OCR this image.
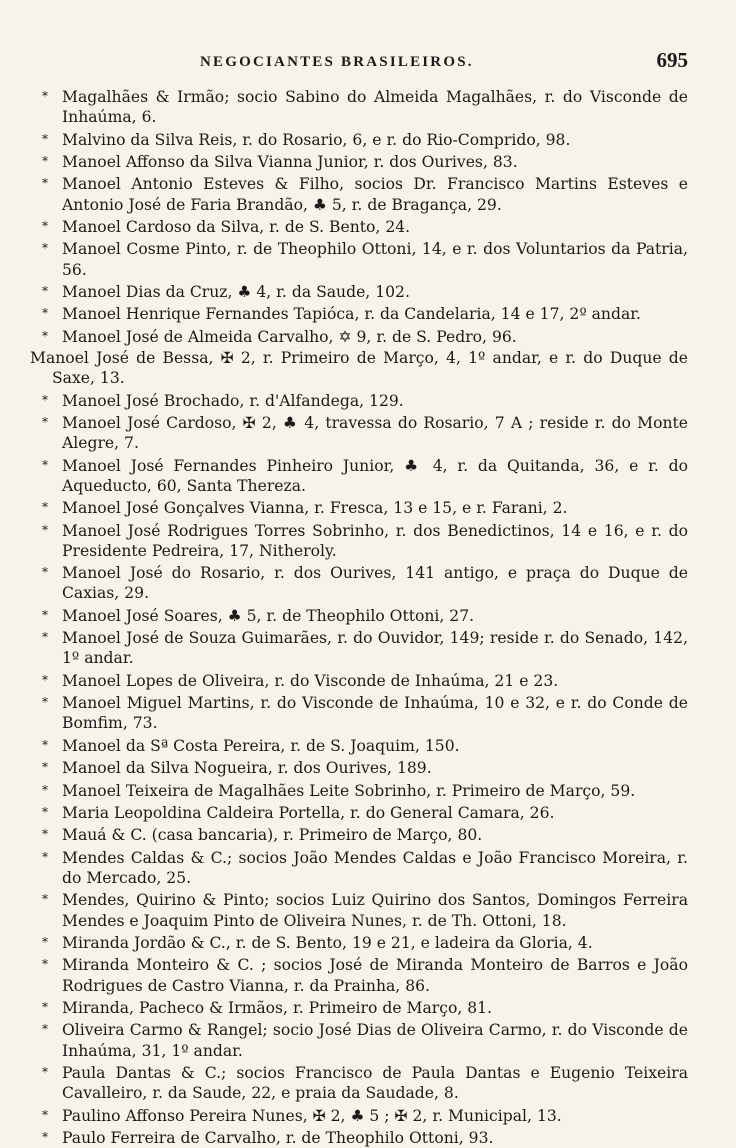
NEGOCIANTES BRASILEIROS.	695
* Magalhães & Irmão; socio Sabino do Almeida Magalhães, r. do Visconde de Inhaúma, 6.
* Malvino da Silva Reis, r. do Rosario, 6, e r. do Rio-Comprido, 98.
* Manoel Affonso da Silva Vianna Junior, r. dos Ourives, 83.
* Manoel Antonio Esteves & Filho, socios Dr. Francisco Martins Esteves e Antonio José de Faria Brandão, ♣ 5, r. de Bragança, 29.
* Manoel Cardoso da Silva, r. de S. Bento, 24.
* Manoel Cosme Pinto, r. de Theophilo Ottoni, 14, e r. dos Voluntarios da Patria, 56.
* Manoel Dias da Cruz, ♣ 4, r. da Saude, 102.
* Manoel Henrique Fernandes Tapióca, r. da Candelaria, 14 e 17, 2º andar.
* Manoel José de Almeida Carvalho, ✡ 9, r. de S. Pedro, 96.
Manoel José de Bessa, ✠ 2, r. Primeiro de Março, 4, 1º andar, e r. do Duque de Saxe, 13.
* Manoel José Brochado, r. d'Alfandega, 129.
* Manoel José Cardoso, ✠ 2, ♣ 4, travessa do Rosario, 7 A ; reside r. do Monte Alegre, 7.
* Manoel José Fernandes Pinheiro Junior, ♣ 4, r. da Quitanda, 36, e r. do Aqueducto, 60, Santa Thereza.
* Manoel José Gonçalves Vianna, r. Fresca, 13 e 15, e r. Farani, 2.
* Manoel José Rodrigues Torres Sobrinho, r. dos Benedictinos, 14 e 16, e r. do Presidente Pedreira, 17, Nitheroly.
* Manoel José do Rosario, r. dos Ourives, 141 antigo, e praça do Duque de Caxias, 29.
* Manoel José Soares, ♣ 5, r. de Theophilo Ottoni, 27.
* Manoel José de Souza Guimarães, r. do Ouvidor, 149; reside r. do Senado, 142, 1º andar.
* Manoel Lopes de Oliveira, r. do Visconde de Inhaúma, 21 e 23.
* Manoel Miguel Martins, r. do Visconde de Inhaúma, 10 e 32, e r. do Conde de Bomfim, 73.
* Manoel da Sª Costa Pereira, r. de S. Joaquim, 150.
* Manoel da Silva Nogueira, r. dos Ourives, 189.
* Manoel Teixeira de Magalhães Leite Sobrinho, r. Primeiro de Março, 59.
* Maria Leopoldina Caldeira Portella, r. do General Camara, 26.
* Mauá & C. (casa bancaria), r. Primeiro de Março, 80.
* Mendes Caldas & C.; socios João Mendes Caldas e João Francisco Moreira, r. do Mercado, 25.
* Mendes, Quirino & Pinto; socios Luiz Quirino dos Santos, Domingos Ferreira Mendes e Joaquim Pinto de Oliveira Nunes, r. de Th. Ottoni, 18.
* Miranda Jordão & C., r. de S. Bento, 19 e 21, e ladeira da Gloria, 4.
* Miranda Monteiro & C. ; socios José de Miranda Monteiro de Barros e João Rodrigues de Castro Vianna, r. da Prainha, 86.
* Miranda, Pacheco & Irmãos, r. Primeiro de Março, 81.
* Oliveira Carmo & Rangel; socio José Dias de Oliveira Carmo, r. do Visconde de Inhaúma, 31, 1º andar.
* Paula Dantas & C.; socios Francisco de Paula Dantas e Eugenio Teixeira Cavalleiro, r. da Saude, 22, e praia da Saudade, 8.
* Paulino Affonso Pereira Nunes, ✠ 2, ♣ 5 ; ✠ 2, r. Municipal, 13.
* Paulo Ferreira de Carvalho, r. de Theophilo Ottoni, 93.
